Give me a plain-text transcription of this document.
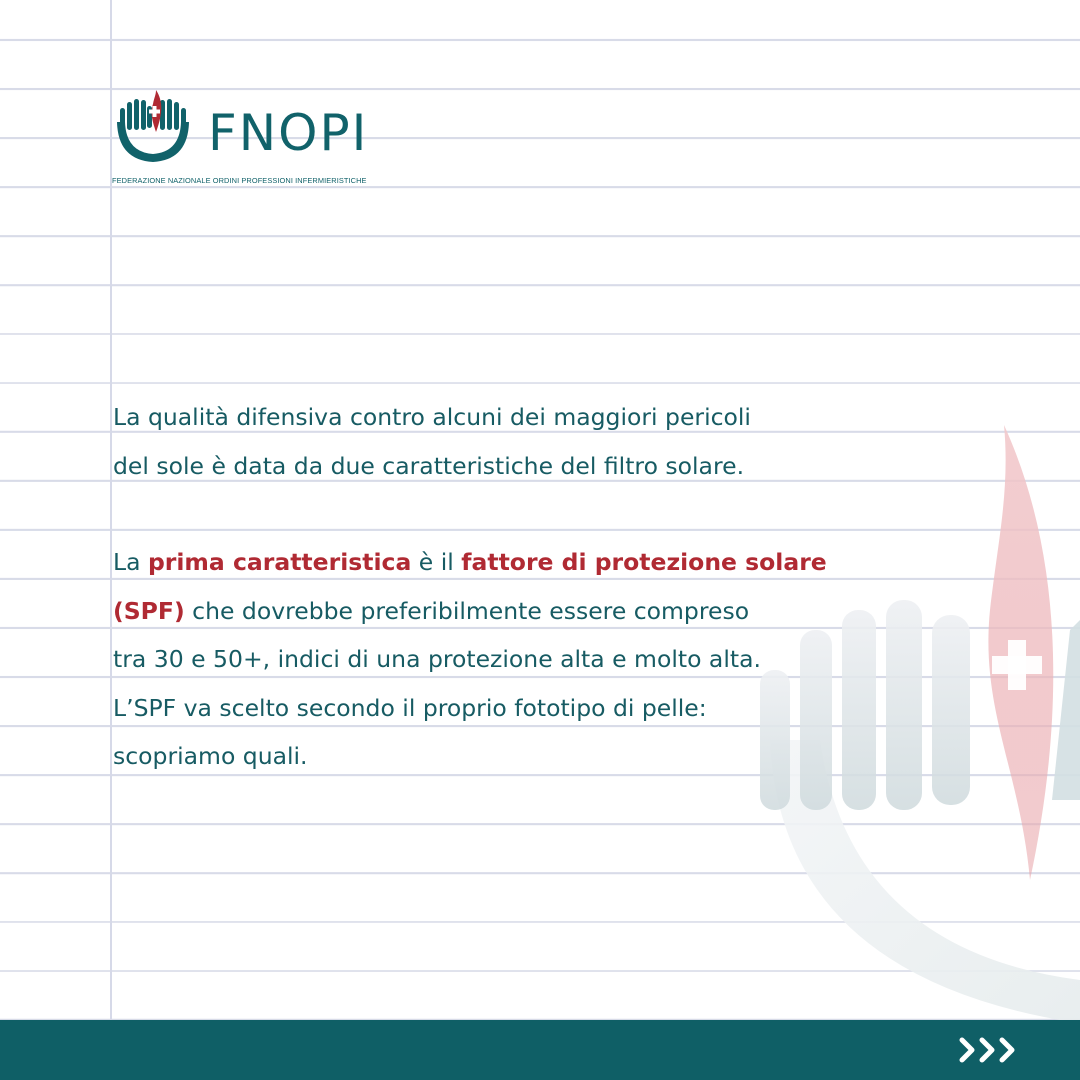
FNOPI
FEDERAZIONE NAZIONALE ORDINI PROFESSIONI INFERMIERISTICHE

La qualità difensiva contro alcuni dei maggiori pericoli

del sole è data da due caratteristiche del filtro solare.

La prima caratteristica è il fattore di protezione solare

(SPF) che dovrebbe preferibilmente essere compreso

tra 30 e 50+, indici di una protezione alta e molto alta.

L’SPF va scelto secondo il proprio fototipo di pelle:

scopriamo quali.
